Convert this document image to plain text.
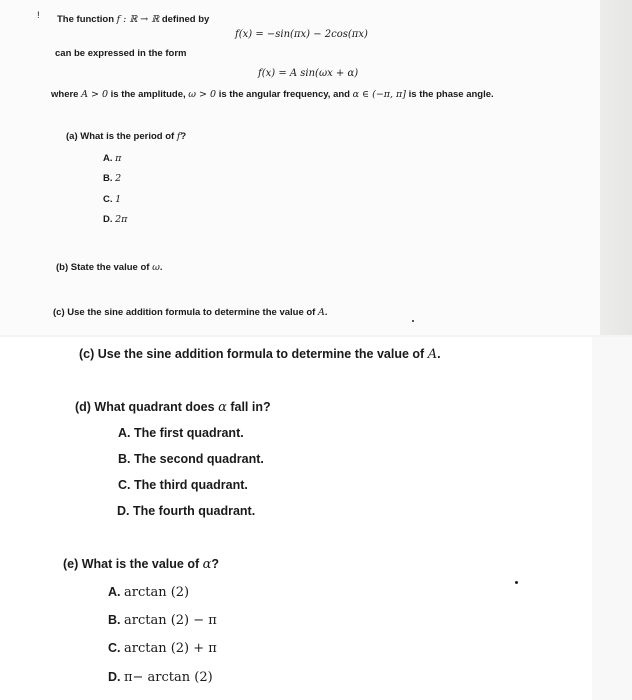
! The function f : ℝ → ℝ defined by
f(x) = −sin(πx) − 2cos(πx)
can be expressed in the form
f(x) = A sin(ωx + α)
where A > 0 is the amplitude, ω > 0 is the angular frequency, and α ∈ (−π, π] is the phase angle.
(a) What is the period of f?
A. π
B. 2
C. 1
D. 2π
(b) State the value of ω.
(c) Use the sine addition formula to determine the value of A.
(c) Use the sine addition formula to determine the value of A.
(d) What quadrant does α fall in?
A. The first quadrant.
B. The second quadrant.
C. The third quadrant.
D. The fourth quadrant.
(e) What is the value of α?
A. arctan (2)
B. arctan (2) − π
C. arctan (2) + π
D. π− arctan (2)
